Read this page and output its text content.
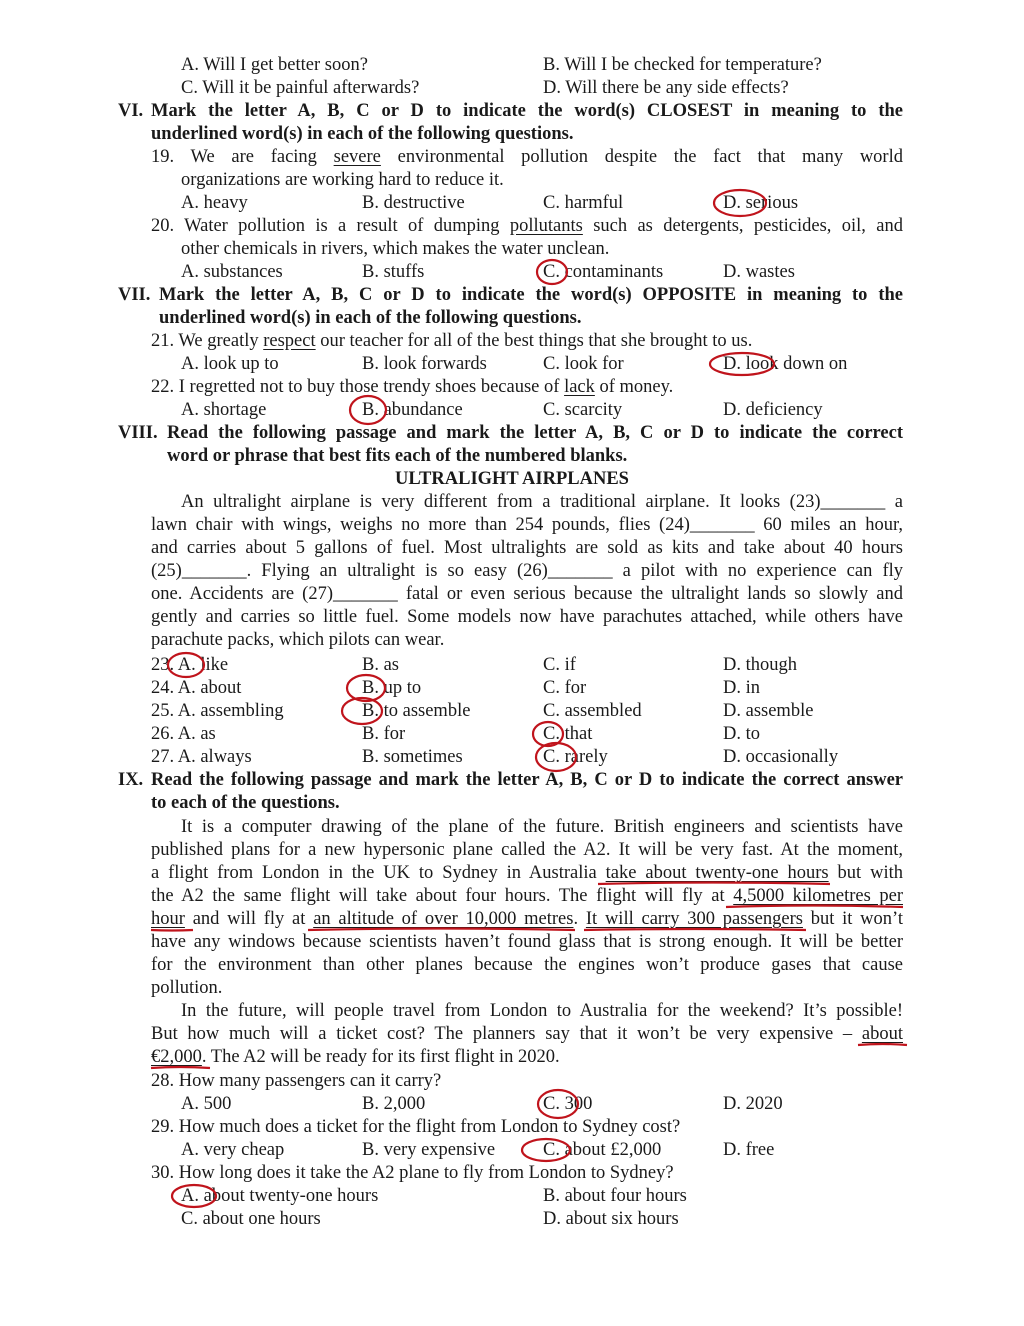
A. Will I get better soon?	B. Will I be checked for temperature?
C. Will it be painful afterwards?	D. Will there be any side effects?
VI. Mark the letter A, B, C or D to indicate the word(s) CLOSEST in meaning to the
underlined word(s) in each of the following questions.
19. We are facing severe environmental pollution despite the fact that many world
organizations are working hard to reduce it.
A. heavy	B. destructive	C. harmful	D. serious
20. Water pollution is a result of dumping pollutants such as detergents, pesticides, oil, and
other chemicals in rivers, which makes the water unclean.
A. substances	B. stuffs	C. contaminants	D. wastes
VII. Mark the letter A, B, C or D to indicate the word(s) OPPOSITE in meaning to the
underlined word(s) in each of the following questions.
21. We greatly respect our teacher for all of the best things that she brought to us.
A. look up to	B. look forwards	C. look for	D. look down on
22. I regretted not to buy those trendy shoes because of lack of money.
A. shortage	B. abundance	C. scarcity	D. deficiency
VIII. Read the following passage and mark the letter A, B, C or D to indicate the correct
word or phrase that best fits each of the numbered blanks.
ULTRALIGHT AIRPLANES
An ultralight airplane is very different from a traditional airplane. It looks (23)_______ a
lawn chair with wings, weighs no more than 254 pounds, flies (24)_______ 60 miles an hour,
and carries about 5 gallons of fuel. Most ultralights are sold as kits and take about 40 hours
(25)_______. Flying an ultralight is so easy (26)_______ a pilot with no experience can fly
one. Accidents are (27)_______ fatal or even serious because the ultralight lands so slowly and
gently and carries so little fuel. Some models now have parachutes attached, while others have
parachute packs, which pilots can wear.
23. A. like	B. as	C. if	D. though
24. A. about	B. up to	C. for	D. in
25. A. assembling	B. to assemble	C. assembled	D. assemble
26. A. as	B. for	C. that	D. to
27. A. always	B. sometimes	C. rarely	D. occasionally
IX. Read the following passage and mark the letter A, B, C or D to indicate the correct answer
to each of the questions.
It is a computer drawing of the plane of the future. British engineers and scientists have
published plans for a new hypersonic plane called the A2. It will be very fast. At the moment,
a flight from London in the UK to Sydney in Australia take about twenty-one hours but with
the A2 the same flight will take about four hours. The flight will fly at 4,5000 kilometres per
hour and will fly at an altitude of over 10,000 metres. It will carry 300 passengers but it won’t
have any windows because scientists haven’t found glass that is strong enough. It will be better
for the environment than other planes because the engines won’t produce gases that cause
pollution.
In the future, will people travel from London to Australia for the weekend? It’s possible!
But how much will a ticket cost? The planners say that it won’t be very expensive – about
€2,000. The A2 will be ready for its first flight in 2020.
28. How many passengers can it carry?
A. 500	B. 2,000	C. 300	D. 2020
29. How much does a ticket for the flight from London to Sydney cost?
A. very cheap	B. very expensive	C. about £2,000	D. free
30. How long does it take the A2 plane to fly from London to Sydney?
A. about twenty-one hours	B. about four hours
C. about one hours	D. about six hours
